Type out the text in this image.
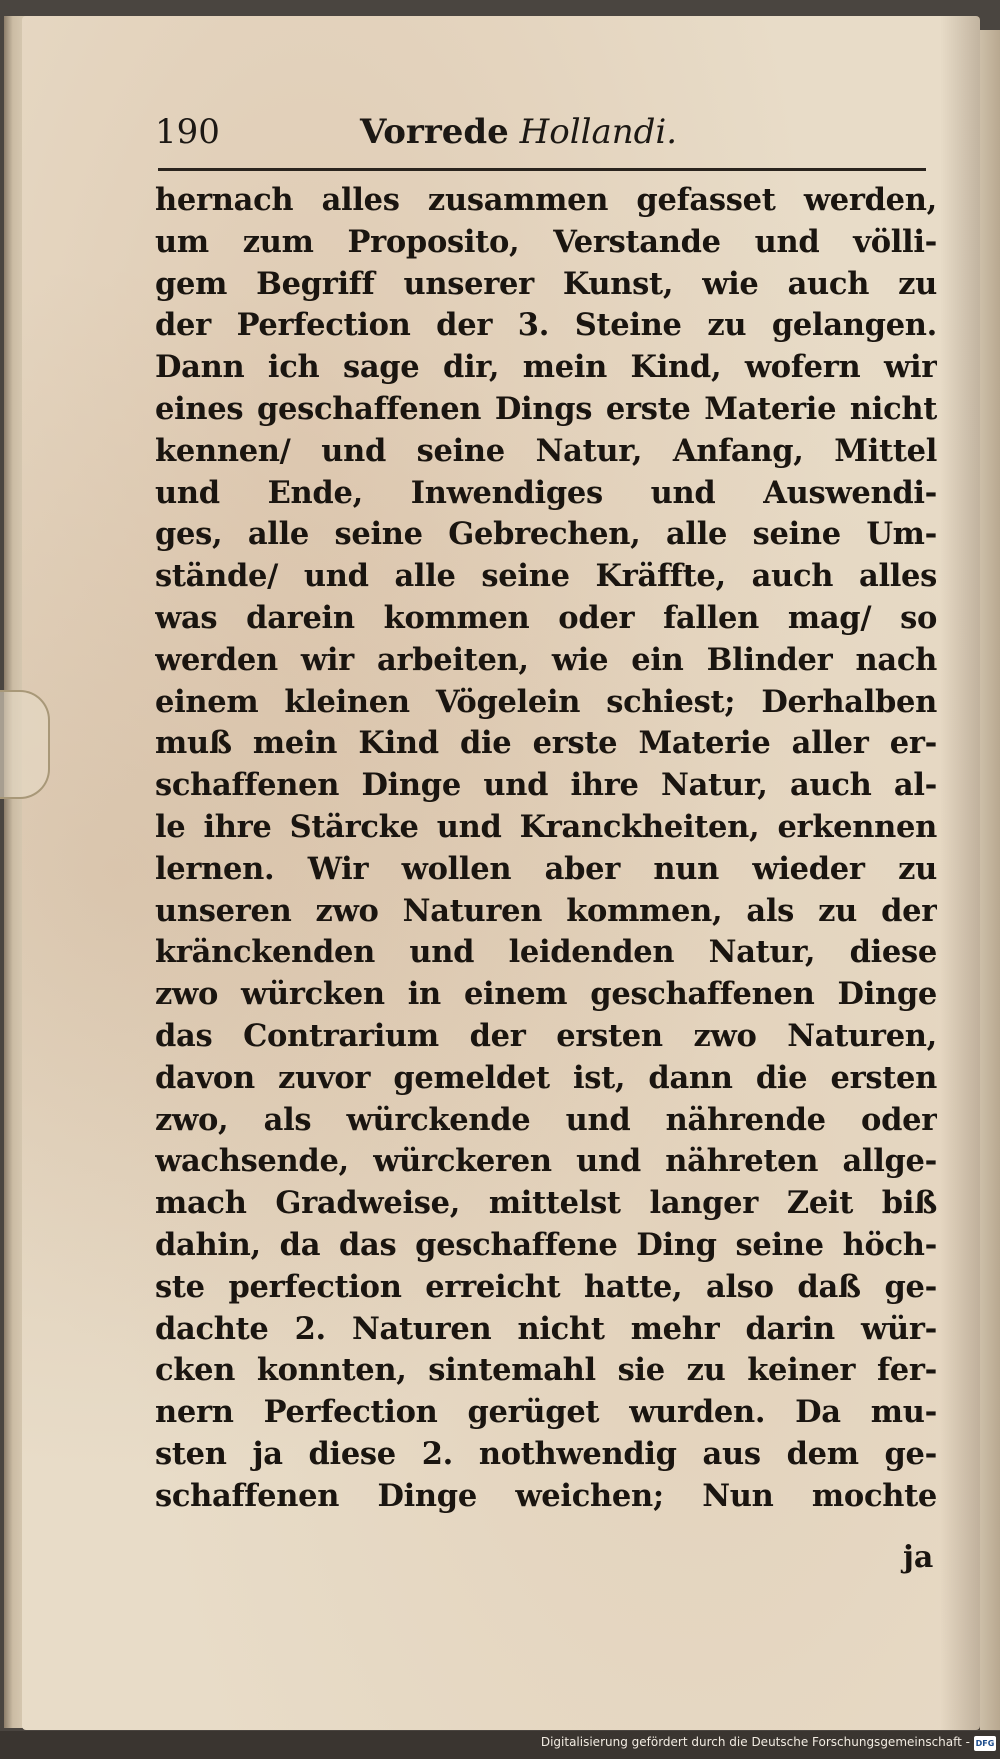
190	Vorrede Hollandi.
hernach alles zusammen gefasset werden,
um zum Proposito, Verstande und völli-
gem Begriff unserer Kunst, wie auch zu
der Perfection der 3. Steine zu gelangen.
Dann ich sage dir, mein Kind, wofern wir
eines geschaffenen Dings erste Materie nicht
kennen/ und seine Natur, Anfang, Mittel
und Ende, Inwendiges und Auswendi-
ges, alle seine Gebrechen, alle seine Um-
stände/ und alle seine Kräffte, auch alles
was darein kommen oder fallen mag/ so
werden wir arbeiten, wie ein Blinder nach
einem kleinen Vögelein schiest; Derhalben
muß mein Kind die erste Materie aller er-
schaffenen Dinge und ihre Natur, auch al-
le ihre Stärcke und Kranckheiten, erkennen
lernen. Wir wollen aber nun wieder zu
unseren zwo Naturen kommen, als zu der
kränckenden und leidenden Natur, diese
zwo würcken in einem geschaffenen Dinge
das Contrarium der ersten zwo Naturen,
davon zuvor gemeldet ist, dann die ersten
zwo, als würckende und nährende oder
wachsende, würckeren und nähreten allge-
mach Gradweise, mittelst langer Zeit biß
dahin, da das geschaffene Ding seine höch-
ste perfection erreicht hatte, also daß ge-
dachte 2. Naturen nicht mehr darin wür-
cken konnten, sintemahl sie zu keiner fer-
nern Perfection gerüget wurden. Da mu-
sten ja diese 2. nothwendig aus dem ge-
schaffenen Dinge weichen; Nun mochte
ja
Digitalisierung gefördert durch die Deutsche Forschungsgemeinschaft - DFG
